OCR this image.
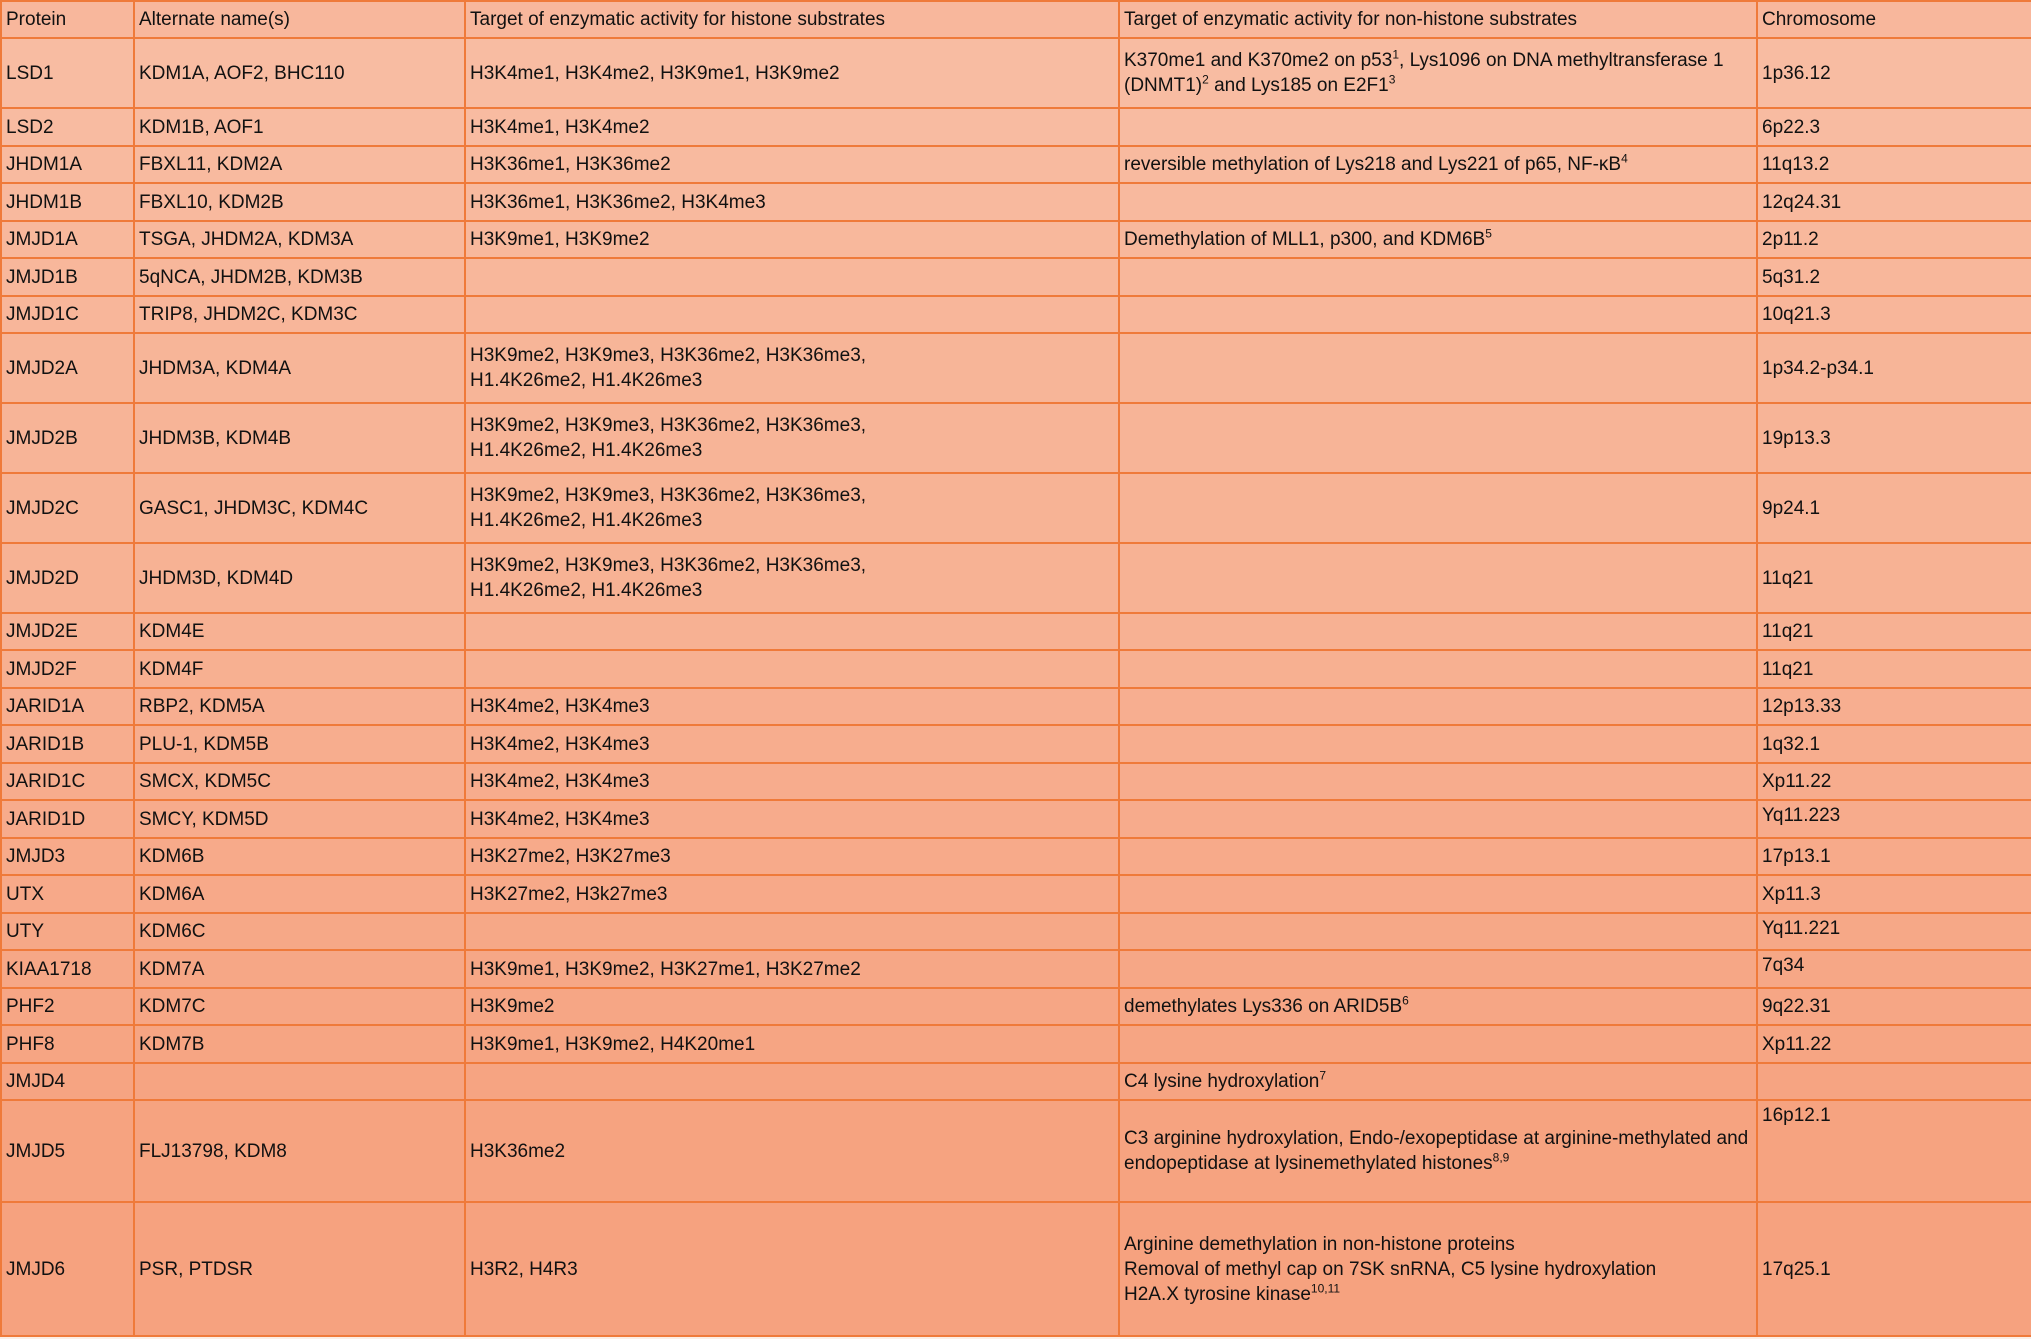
Protein	Alternate name(s)	Target of enzymatic activity for histone substrates	Target of enzymatic activity for non-histone substrates	Chromosome
LSD1	KDM1A, AOF2, BHC110	H3K4me1, H3K4me2, H3K9me1, H3K9me2	K370me1 and K370me2 on $p53^1$, Lys1096 on DNA methyltransferase 1 (DNMT1)$^2$ and Lys185 on $E2F1^3$	1p36.12
LSD2	KDM1B, AOF1	H3K4me1, H3K4me2		6p22.3
JHDM1A	FBXL11, KDM2A	H3K36me1, H3K36me2	reversible methylation of Lys218 and Lys221 of p65, $NF-\kappa B^4$	11q13.2
JHDM1B	FBXL10, KDM2B	H3K36me1, H3K36me2, H3K4me3		12q24.31
JMJD1A	TSGA, JHDM2A, KDM3A	H3K9me1, H3K9me2	Demethylation of MLL1, p300, and $KDM6B^5$	2p11.2
JMJD1B	5qNCA, JHDM2B, KDM3B			5q31.2
JMJD1C	TRIP8, JHDM2C, KDM3C			10q21.3
JMJD2A	JHDM3A, KDM4A	H3K9me2, H3K9me3, H3K36me2, H3K36me3,
H1.4K26me2, H1.4K26me3		1p34.2-p34.1
JMJD2B	JHDM3B, KDM4B	H3K9me2, H3K9me3, H3K36me2, H3K36me3,
H1.4K26me2, H1.4K26me3		19p13.3
JMJD2C	GASC1, JHDM3C, KDM4C	H3K9me2, H3K9me3, H3K36me2, H3K36me3,
H1.4K26me2, H1.4K26me3		9p24.1
JMJD2D	JHDM3D, KDM4D	H3K9me2, H3K9me3, H3K36me2, H3K36me3,
H1.4K26me2, H1.4K26me3		11q21
JMJD2E	KDM4E			11q21
JMJD2F	KDM4F			11q21
JARID1A	RBP2, KDM5A	H3K4me2, H3K4me3		12p13.33
JARID1B	PLU-1, KDM5B	H3K4me2, H3K4me3		1q32.1
JARID1C	SMCX, KDM5C	H3K4me2, H3K4me3		Xp11.22
JARID1D	SMCY, KDM5D	H3K4me2, H3K4me3		Yq11.223
JMJD3	KDM6B	H3K27me2, H3K27me3		17p13.1
UTX	KDM6A	H3K27me2, H3k27me3		Xp11.3
UTY	KDM6C			Yq11.221
KIAA1718	KDM7A	H3K9me1, H3K9me2, H3K27me1, H3K27me2		7q34
PHF2	KDM7C	H3K9me2	demethylates Lys336 on $ARID5B^6$	9q22.31
PHF8	KDM7B	H3K9me1, H3K9me2, H4K20me1		Xp11.22
JMJD4			C4 lysine hydroxylation$^7$	
JMJD5	FLJ13798, KDM8	H3K36me2	C3 arginine hydroxylation, Endo-/exopeptidase at arginine-methylated and endopeptidase at lysinemethylated histones$^{8,9}$	16p12.1
JMJD6	PSR, PTDSR	H3R2, H4R3	Arginine demethylation in non-histone proteins
Removal of methyl cap on 7SK snRNA, C5 lysine hydroxylation
H2A.X tyrosine kinase$^{10,11}$	17q25.1
